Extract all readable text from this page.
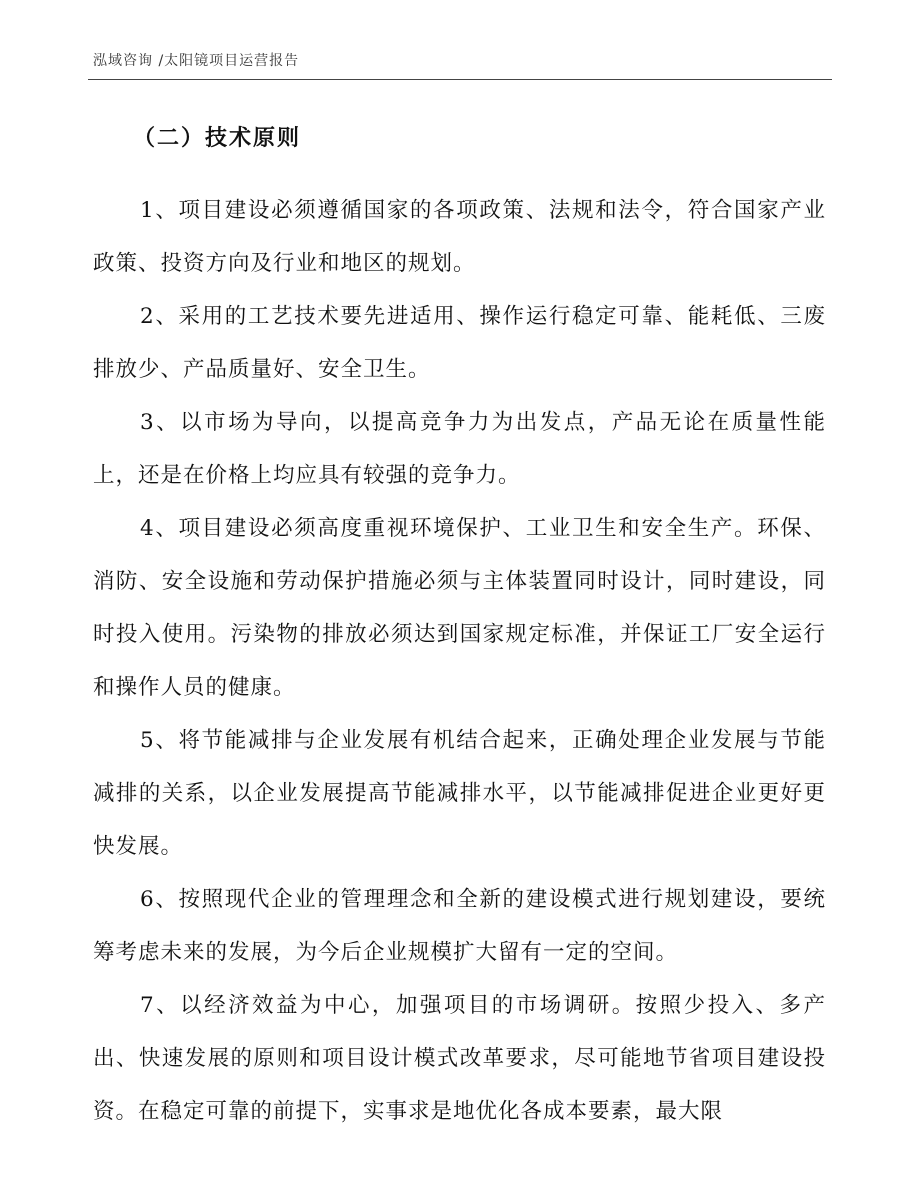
泓域咨询 /太阳镜项目运营报告
（二）技术原则

1、项目建设必须遵循国家的各项政策、法规和法令，符合国家产业政策、投资方向及行业和地区的规划。

2、采用的工艺技术要先进适用、操作运行稳定可靠、能耗低、三废排放少、产品质量好、安全卫生。

3、以市场为导向，以提高竞争力为出发点，产品无论在质量性能上，还是在价格上均应具有较强的竞争力。

4、项目建设必须高度重视环境保护、工业卫生和安全生产。环保、消防、安全设施和劳动保护措施必须与主体装置同时设计，同时建设，同时投入使用。污染物的排放必须达到国家规定标准，并保证工厂安全运行和操作人员的健康。

5、将节能减排与企业发展有机结合起来，正确处理企业发展与节能减排的关系，以企业发展提高节能减排水平，以节能减排促进企业更好更快发展。

6、按照现代企业的管理理念和全新的建设模式进行规划建设，要统筹考虑未来的发展，为今后企业规模扩大留有一定的空间。

7、以经济效益为中心，加强项目的市场调研。按照少投入、多产出、快速发展的原则和项目设计模式改革要求，尽可能地节省项目建设投资。在稳定可靠的前提下，实事求是地优化各成本要素，最大限
